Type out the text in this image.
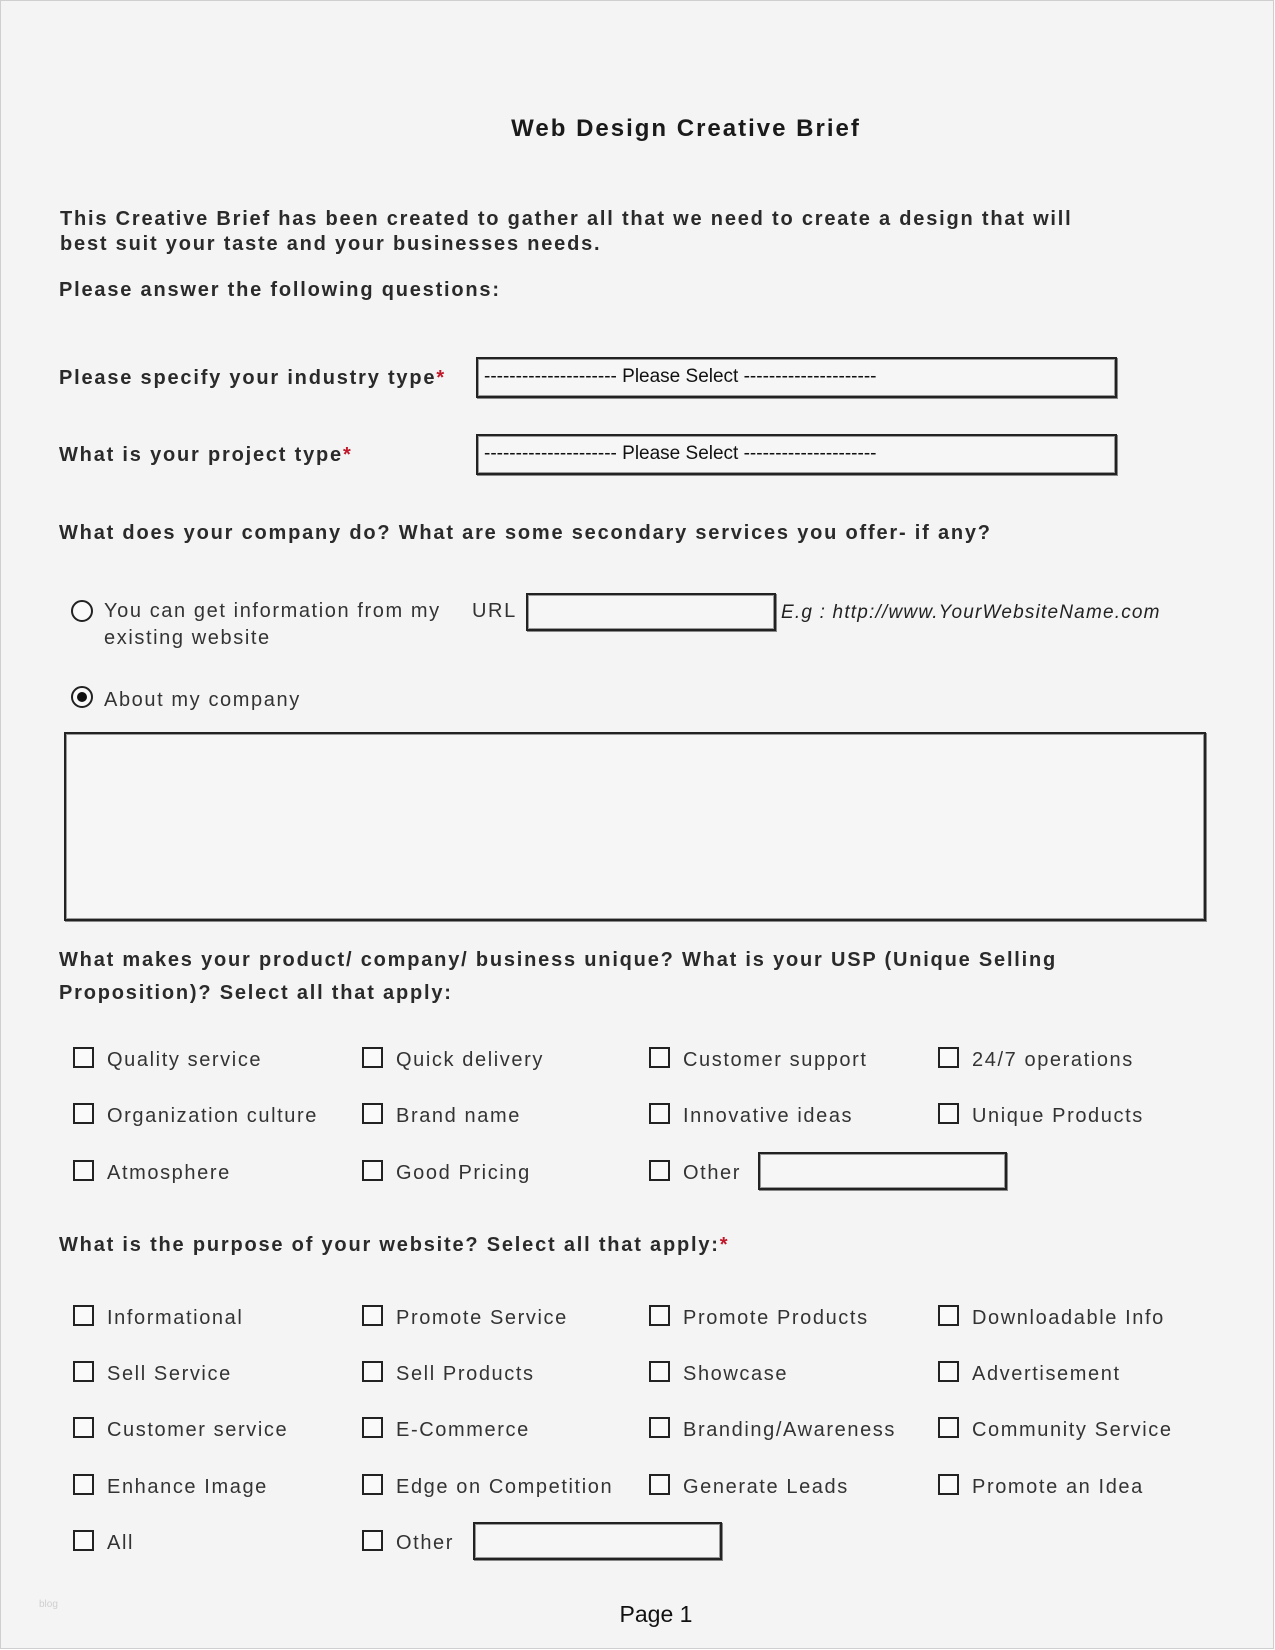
Web Design Creative Brief
This Creative Brief has been created to gather all that we need to create a design that will
best suit your taste and your businesses needs.
Please answer the following questions:
Please specify your industry type*	--------------------- Please Select ---------------------
What is your project type*	--------------------- Please Select ---------------------
What does your company do? What are some secondary services you offer- if any?
You can get information from my
existing website
URL	E.g : http://www.YourWebsiteName.com
About my company
What makes your product/ company/ business unique? What is your USP (Unique Selling
Proposition)? Select all that apply:
Quality service	Quick delivery	Customer support	24/7 operations
Organization culture	Brand name	Innovative ideas	Unique Products
Atmosphere	Good Pricing	Other
What is the purpose of your website? Select all that apply:*
Informational	Promote Service	Promote Products	Downloadable Info
Sell Service	Sell Products	Showcase	Advertisement
Customer service	E-Commerce	Branding/Awareness	Community Service
Enhance Image	Edge on Competition	Generate Leads	Promote an Idea
All	Other
blog	Page 1
